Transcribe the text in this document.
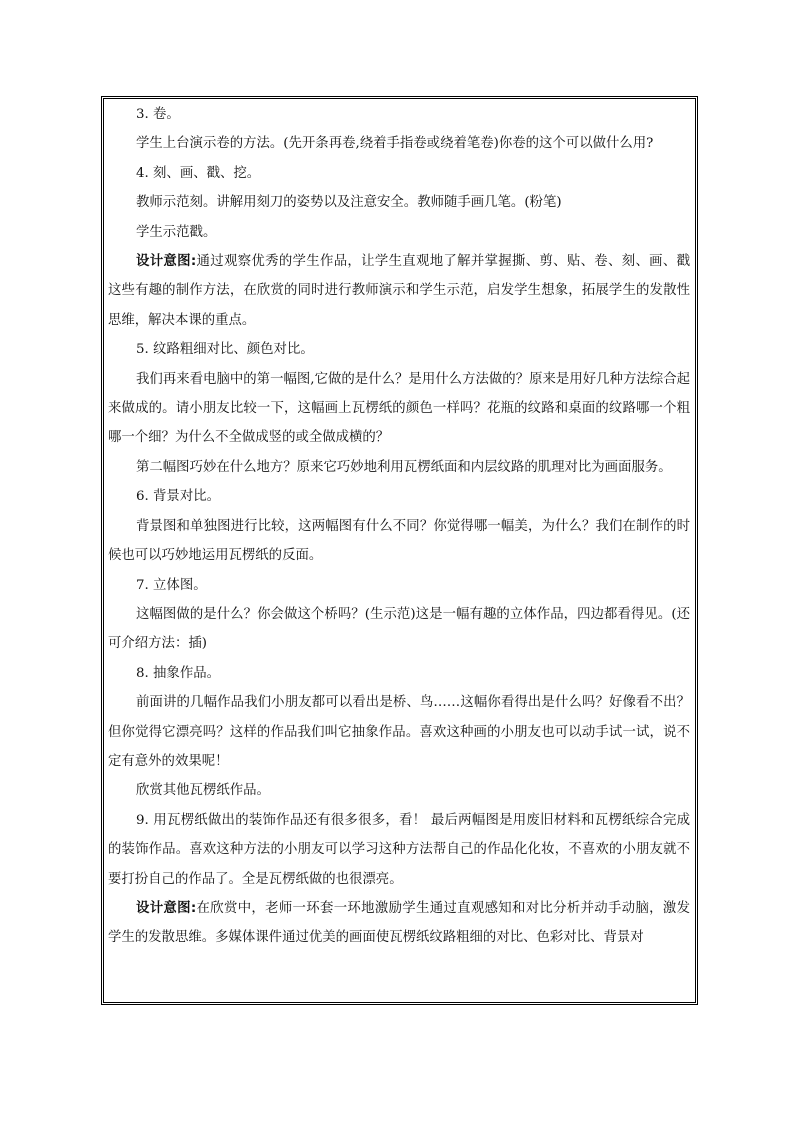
3. 卷。

学生上台演示卷的方法。(先开条再卷,绕着手指卷或绕着笔卷)你卷的这个可以做什么用?

4. 刻、画、戳、挖。

教师示范刻。讲解用刻刀的姿势以及注意安全。教师随手画几笔。(粉笔)

学生示范戳。

设计意图:通过观察优秀的学生作品，让学生直观地了解并掌握撕、剪、贴、卷、刻、画、戳这些有趣的制作方法，在欣赏的同时进行教师演示和学生示范，启发学生想象，拓展学生的发散性思维，解决本课的重点。

5. 纹路粗细对比、颜色对比。

我们再来看电脑中的第一幅图,它做的是什么？是用什么方法做的？原来是用好几种方法综合起来做成的。请小朋友比较一下，这幅画上瓦楞纸的颜色一样吗？花瓶的纹路和桌面的纹路哪一个粗哪一个细？为什么不全做成竖的或全做成横的？

第二幅图巧妙在什么地方？原来它巧妙地利用瓦楞纸面和内层纹路的肌理对比为画面服务。

6. 背景对比。

背景图和单独图进行比较，这两幅图有什么不同？你觉得哪一幅美，为什么？我们在制作的时候也可以巧妙地运用瓦楞纸的反面。

7. 立体图。

这幅图做的是什么？你会做这个桥吗？(生示范)这是一幅有趣的立体作品，四边都看得见。(还可介绍方法：插)

8. 抽象作品。

前面讲的几幅作品我们小朋友都可以看出是桥、鸟……这幅你看得出是什么吗？好像看不出？但你觉得它漂亮吗？这样的作品我们叫它抽象作品。喜欢这种画的小朋友也可以动手试一试，说不定有意外的效果呢！

欣赏其他瓦楞纸作品。

9. 用瓦楞纸做出的装饰作品还有很多很多，看！ 最后两幅图是用废旧材料和瓦楞纸综合完成的装饰作品。喜欢这种方法的小朋友可以学习这种方法帮自己的作品化化妆，不喜欢的小朋友就不要打扮自己的作品了。全是瓦楞纸做的也很漂亮。

设计意图:在欣赏中，老师一环套一环地激励学生通过直观感知和对比分析并动手动脑，激发学生的发散思维。多媒体课件通过优美的画面使瓦楞纸纹路粗细的对比、色彩对比、背景对
